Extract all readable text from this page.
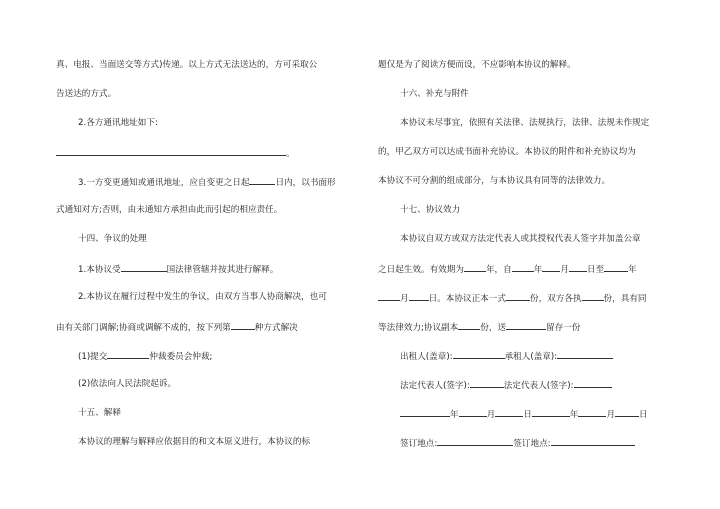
真、电报、当面送交等方式)传递。以上方式无法送达的，方可采取公
告送达的方式。
2.各方通讯地址如下:
。
3.一方变更通知或通讯地址，应自变更之日起	日内，以书面形
式通知对方;否则，由未通知方承担由此而引起的相应责任。
十四、争议的处理
1.本协议受	国法律管辖并按其进行解释。
2.本协议在履行过程中发生的争议，由双方当事人协商解决，也可
由有关部门调解;协商或调解不成的，按下列第	种方式解决
(1)提交	仲裁委员会仲裁;
(2)依法向人民法院起诉。
十五、解释
本协议的理解与解释应依据目的和文本原义进行，本协议的标
题仅是为了阅读方便而设，不应影响本协议的解释。
十六、补充与附件
本协议未尽事宜，依照有关法律、法规执行，法律、法规未作规定
的，甲乙双方可以达成书面补充协议。本协议的附件和补充协议均为
本协议不可分割的组成部分，与本协议具有同等的法律效力。
十七、协议效力
本协议自双方或双方法定代表人或其授权代表人签字并加盖公章
之日起生效。有效期为	年，自	年 月 日至	年
月 日。本协议正本一式	份，双方各执	份，具有同
等法律效力;协议副本	份，送	留存一份
出租人(盖章):	承租人(盖章):
法定代表人(签字):	法定代表人(签字):
年	月	日	年	月	日
签订地点:	签订地点:
